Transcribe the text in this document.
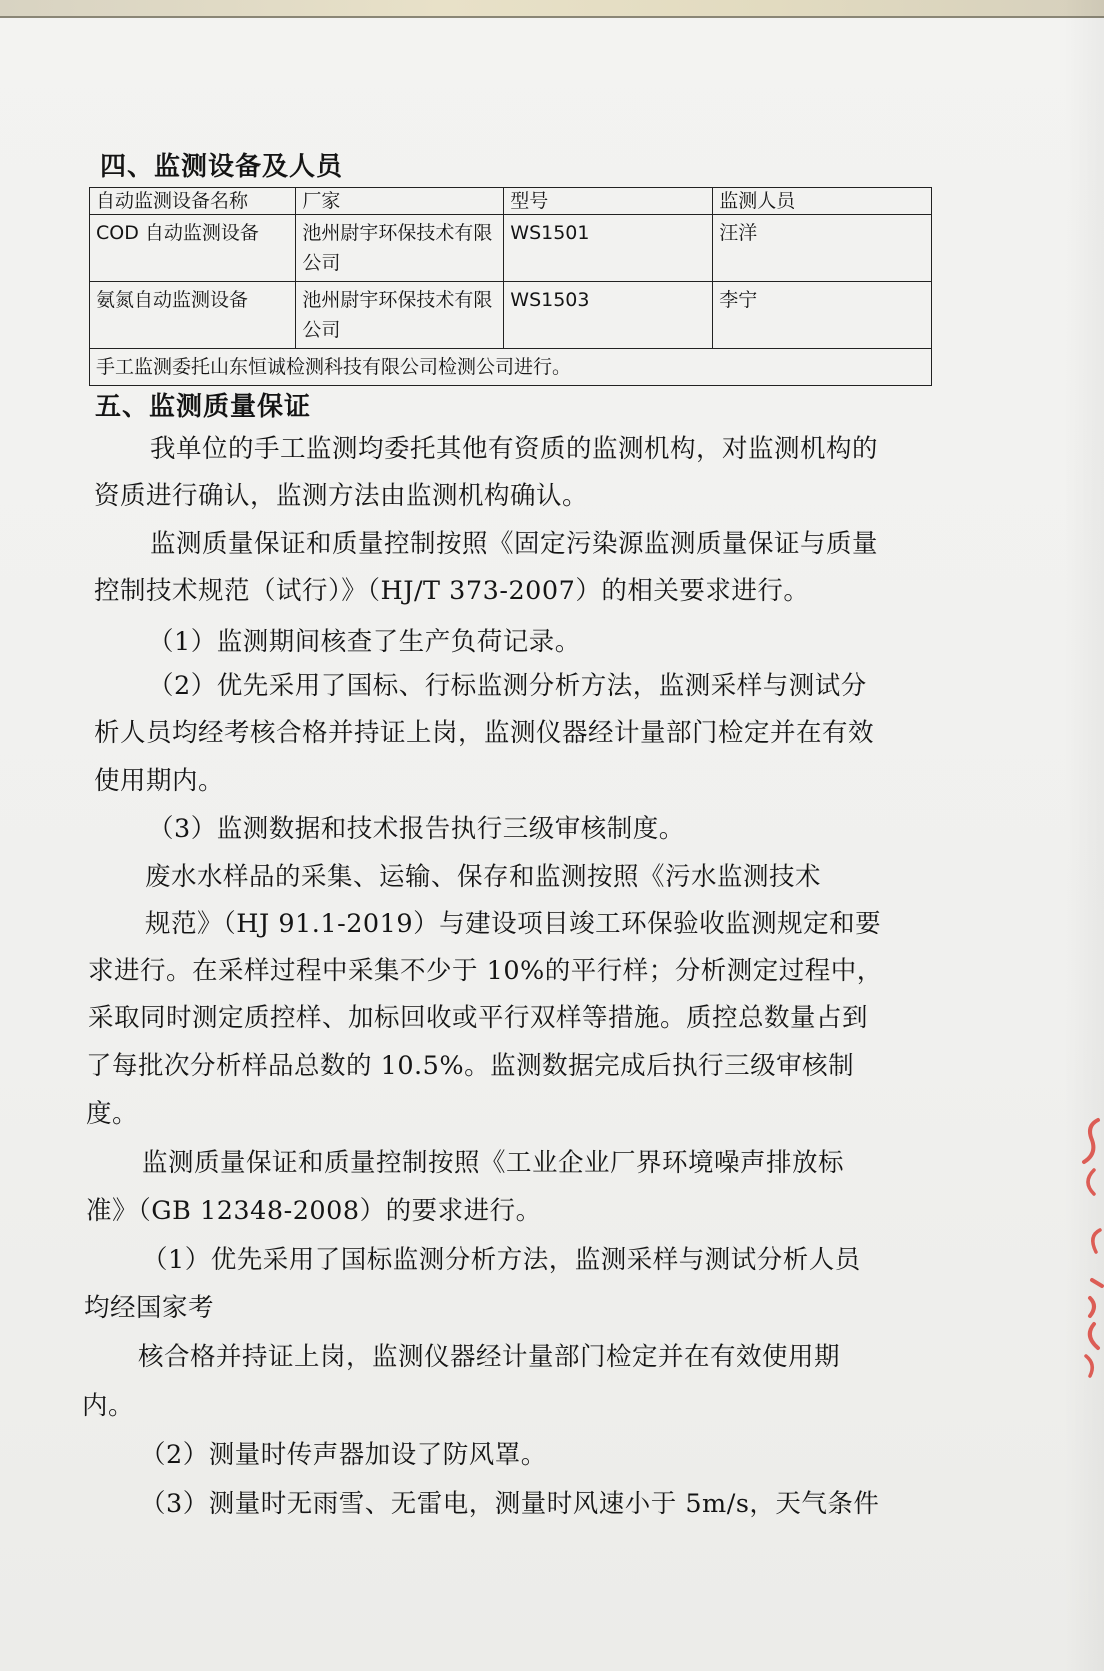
四、监测设备及人员
自动监测设备名称	厂家	型号	监测人员
COD 自动监测设备	池州尉宇环保技术有限公司	WS1501	汪洋
氨氮自动监测设备	池州尉宇环保技术有限公司	WS1503	李宁
手工监测委托山东恒诚检测科技有限公司检测公司进行。			
五、监测质量保证
我单位的手工监测均委托其他有资质的监测机构，对监测机构的
资质进行确认，监测方法由监测机构确认。
监测质量保证和质量控制按照《固定污染源监测质量保证与质量
控制技术规范（试行）》（HJ/T 373-2007）的相关要求进行。
（1）监测期间核查了生产负荷记录。
（2）优先采用了国标、行标监测分析方法，监测采样与测试分
析人员均经考核合格并持证上岗，监测仪器经计量部门检定并在有效
使用期内。
（3）监测数据和技术报告执行三级审核制度。
废水水样品的采集、运输、保存和监测按照《污水监测技术
规范》（HJ 91.1-2019）与建设项目竣工环保验收监测规定和要
求进行。在采样过程中采集不少于 10%的平行样；分析测定过程中，
采取同时测定质控样、加标回收或平行双样等措施。质控总数量占到
了每批次分析样品总数的 10.5%。监测数据完成后执行三级审核制
度。
监测质量保证和质量控制按照《工业企业厂界环境噪声排放标
准》（GB 12348-2008）的要求进行。
（1）优先采用了国标监测分析方法，监测采样与测试分析人员
均经国家考
核合格并持证上岗，监测仪器经计量部门检定并在有效使用期
内。
（2）测量时传声器加设了防风罩。
（3）测量时无雨雪、无雷电，测量时风速小于 5m/s，天气条件
